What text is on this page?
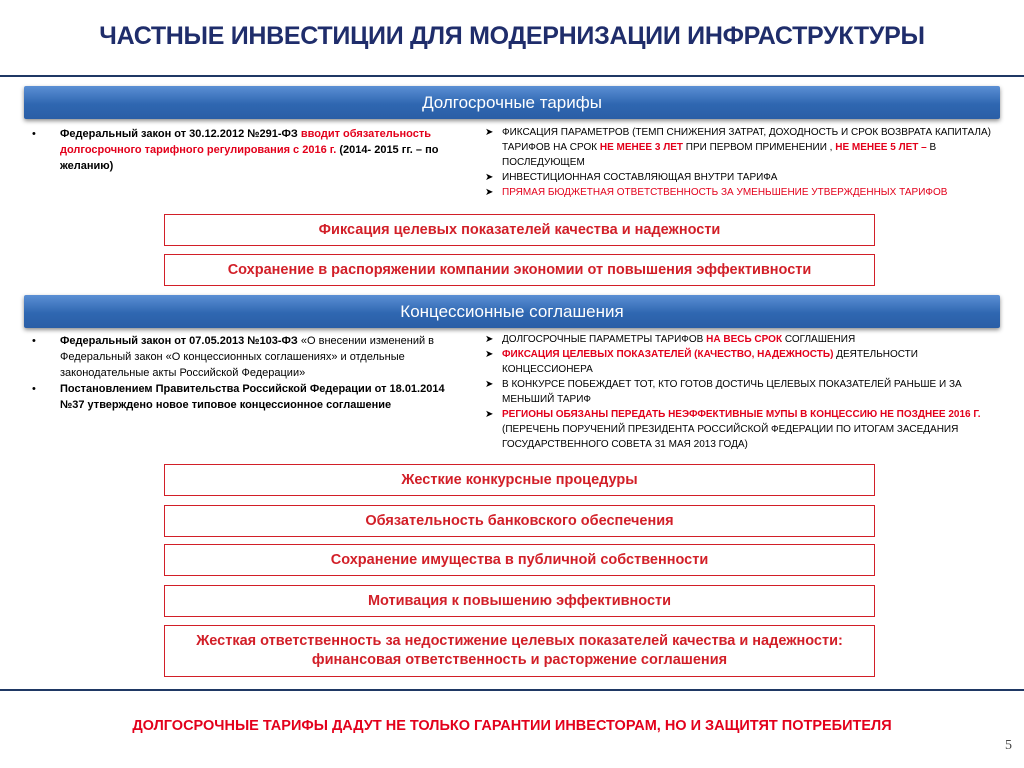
ЧАСТНЫЕ ИНВЕСТИЦИИ ДЛЯ МОДЕРНИЗАЦИИ ИНФРАСТРУКТУРЫ
Долгосрочные тарифы
• Федеральный закон от 30.12.2012 №291-ФЗ вводит обязательность долгосрочного тарифного регулирования с 2016 г. (2014- 2015 гг. – по желанию)
➤ ФИКСАЦИЯ ПАРАМЕТРОВ (ТЕМП СНИЖЕНИЯ ЗАТРАТ, ДОХОДНОСТЬ И СРОК ВОЗВРАТА КАПИТАЛА) ТАРИФОВ НА СРОК НЕ МЕНЕЕ 3 ЛЕТ ПРИ ПЕРВОМ ПРИМЕНЕНИИ , НЕ МЕНЕЕ 5 ЛЕТ – В ПОСЛЕДУЮЩЕМ
➤ ИНВЕСТИЦИОННАЯ СОСТАВЛЯЮЩАЯ ВНУТРИ ТАРИФА
➤ ПРЯМАЯ БЮДЖЕТНАЯ ОТВЕТСТВЕННОСТЬ ЗА УМЕНЬШЕНИЕ УТВЕРЖДЕННЫХ ТАРИФОВ
Фиксация целевых показателей качества и надежности
Сохранение в распоряжении компании экономии от повышения эффективности
Концессионные соглашения
• Федеральный закон от 07.05.2013 №103-ФЗ «О внесении изменений в Федеральный закон «О концессионных соглашениях» и отдельные законодательные акты Российской Федерации»
• Постановлением Правительства Российской Федерации от 18.01.2014 №37 утверждено новое типовое концессионное соглашение
➤ ДОЛГОСРОЧНЫЕ ПАРАМЕТРЫ ТАРИФОВ НА ВЕСЬ СРОК СОГЛАШЕНИЯ
➤ ФИКСАЦИЯ ЦЕЛЕВЫХ ПОКАЗАТЕЛЕЙ (КАЧЕСТВО, НАДЕЖНОСТЬ) ДЕЯТЕЛЬНОСТИ КОНЦЕССИОНЕРА
➤ В КОНКУРСЕ ПОБЕЖДАЕТ ТОТ, КТО ГОТОВ ДОСТИЧЬ ЦЕЛЕВЫХ ПОКАЗАТЕЛЕЙ РАНЬШЕ И ЗА МЕНЬШИЙ ТАРИФ
➤ РЕГИОНЫ ОБЯЗАНЫ ПЕРЕДАТЬ НЕЭФФЕКТИВНЫЕ МУПЫ В КОНЦЕССИЮ НЕ ПОЗДНЕЕ 2016 Г. (ПЕРЕЧЕНЬ ПОРУЧЕНИЙ ПРЕЗИДЕНТА РОССИЙСКОЙ ФЕДЕРАЦИИ ПО ИТОГАМ ЗАСЕДАНИЯ ГОСУДАРСТВЕННОГО СОВЕТА 31 МАЯ 2013 ГОДА)
Жесткие конкурсные процедуры
Обязательность банковского обеспечения
Сохранение имущества в публичной собственности
Мотивация к повышению эффективности
Жесткая ответственность за недостижение целевых показателей качества и надежности: финансовая ответственность и расторжение соглашения
ДОЛГОСРОЧНЫЕ ТАРИФЫ ДАДУТ НЕ ТОЛЬКО ГАРАНТИИ ИНВЕСТОРАМ, НО И ЗАЩИТЯТ ПОТРЕБИТЕЛЯ
5
